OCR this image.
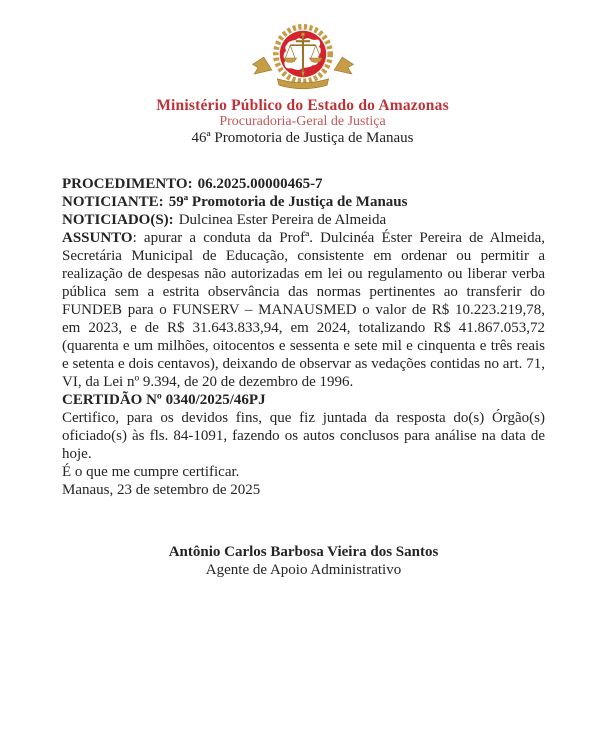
Ministério Público do Estado do Amazonas
Procuradoria-Geral de Justiça
46ª Promotoria de Justiça de Manaus

PROCEDIMENTO: 06.2025.00000465-7

NOTICIANTE: 59ª Promotoria de Justiça de Manaus

NOTICIADO(S): Dulcinea Ester Pereira de Almeida

ASSUNTO: apurar a conduta da Profª. Dulcinéa Éster Pereira de Almeida, Secretária Municipal de Educação, consistente em ordenar ou permitir a realização de despesas não autorizadas em lei ou regulamento ou liberar verba pública sem a estrita observância das normas pertinentes ao transferir do FUNDEB para o FUNSERV – MANAUSMED o valor de R$ 10.223.219,78, em 2023, e de R$ 31.643.833,94, em 2024, totalizando R$ 41.867.053,72 (quarenta e um milhões, oitocentos e sessenta e sete mil e cinquenta e três reais e setenta e dois centavos), deixando de observar as vedações contidas no art. 71, VI, da Lei nº 9.394, de 20 de dezembro de 1996.

CERTIDÃO Nº 0340/2025/46PJ

Certifico, para os devidos fins, que fiz juntada da resposta do(s) Órgão(s) oficiado(s) às fls. 84-1091, fazendo os autos conclusos para análise na data de hoje.

É o que me cumpre certificar.

Manaus, 23 de setembro de 2025

Antônio Carlos Barbosa Vieira dos Santos
Agente de Apoio Administrativo
